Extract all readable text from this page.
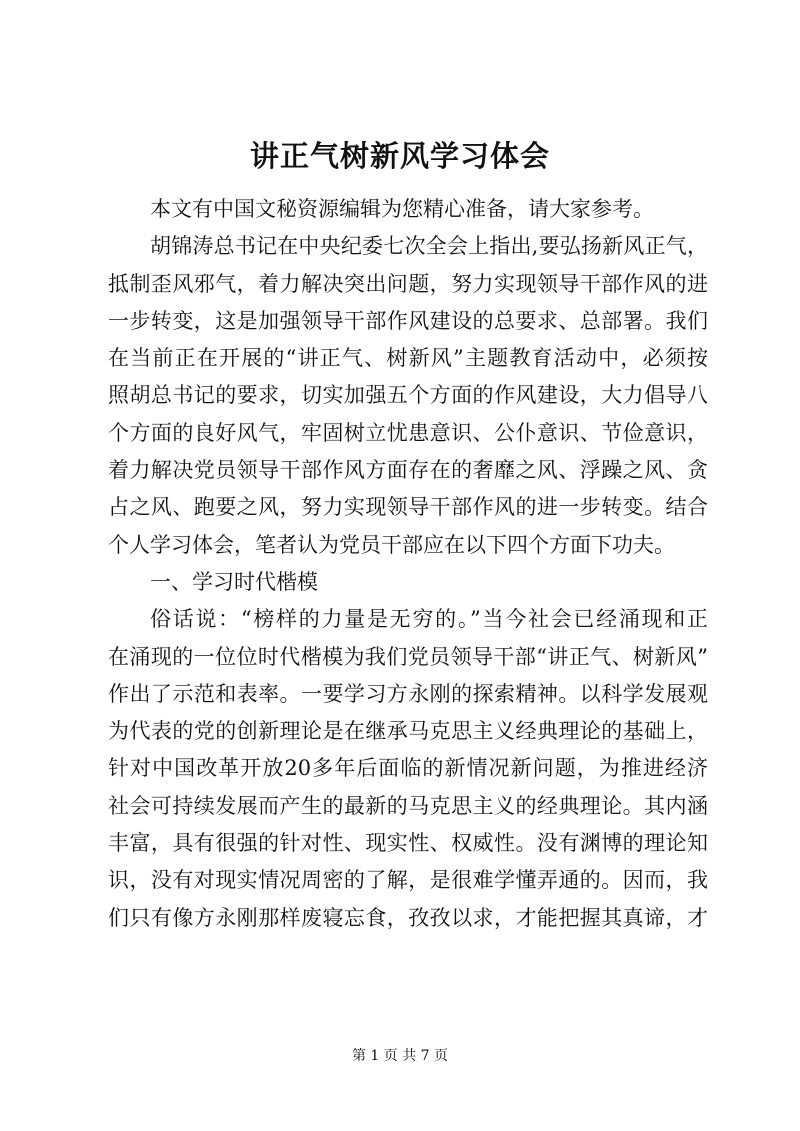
讲正气树新风学习体会
本文有中国文秘资源编辑为您精心准备，请大家参考。
胡锦涛总书记在中央纪委七次全会上指出,要弘扬新风正气，
抵制歪风邪气，着力解决突出问题，努力实现领导干部作风的进
一步转变，这是加强领导干部作风建设的总要求、总部署。我们
在当前正在开展的“讲正气、树新风”主题教育活动中，必须按
照胡总书记的要求，切实加强五个方面的作风建设，大力倡导八
个方面的良好风气，牢固树立忧患意识、公仆意识、节俭意识，
着力解决党员领导干部作风方面存在的奢靡之风、浮躁之风、贪
占之风、跑要之风，努力实现领导干部作风的进一步转变。结合
个人学习体会，笔者认为党员干部应在以下四个方面下功夫。
一、学习时代楷模
俗话说：“榜样的力量是无穷的。”当今社会已经涌现和正
在涌现的一位位时代楷模为我们党员领导干部“讲正气、树新风”
作出了示范和表率。一要学习方永刚的探索精神。以科学发展观
为代表的党的创新理论是在继承马克思主义经典理论的基础上，
针对中国改革开放20多年后面临的新情况新问题，为推进经济
社会可持续发展而产生的最新的马克思主义的经典理论。其内涵
丰富，具有很强的针对性、现实性、权威性。没有渊博的理论知
识，没有对现实情况周密的了解，是很难学懂弄通的。因而，我
们只有像方永刚那样废寝忘食，孜孜以求，才能把握其真谛，才
第 1 页 共 7 页
